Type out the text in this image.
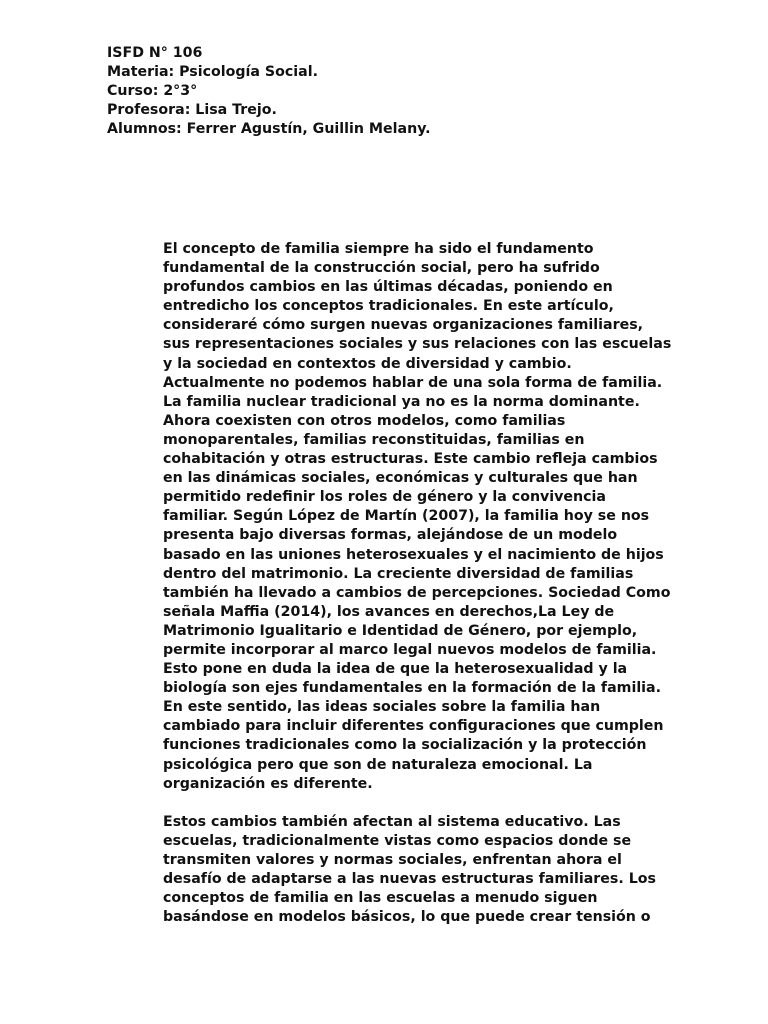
ISFD N° 106
Materia: Psicología Social.
Curso: 2°3°
Profesora: Lisa Trejo.
Alumnos: Ferrer Agustín, Guillin Melany.
El concepto de familia siempre ha sido el fundamento
fundamental de la construcción social, pero ha sufrido
profundos cambios en las últimas décadas, poniendo en
entredicho los conceptos tradicionales. En este artículo,
consideraré cómo surgen nuevas organizaciones familiares,
sus representaciones sociales y sus relaciones con las escuelas
y la sociedad en contextos de diversidad y cambio.
Actualmente no podemos hablar de una sola forma de familia.
La familia nuclear tradicional ya no es la norma dominante.
Ahora coexisten con otros modelos, como familias
monoparentales, familias reconstituidas, familias en
cohabitación y otras estructuras. Este cambio refleja cambios
en las dinámicas sociales, económicas y culturales que han
permitido redefinir los roles de género y la convivencia
familiar. Según López de Martín (2007), la familia hoy se nos
presenta bajo diversas formas, alejándose de un modelo
basado en las uniones heterosexuales y el nacimiento de hijos
dentro del matrimonio. La creciente diversidad de familias
también ha llevado a cambios de percepciones. Sociedad Como
señala Maffia (2014), los avances en derechos,La Ley de
Matrimonio Igualitario e Identidad de Género, por ejemplo,
permite incorporar al marco legal nuevos modelos de familia.
Esto pone en duda la idea de que la heterosexualidad y la
biología son ejes fundamentales en la formación de la familia.
En este sentido, las ideas sociales sobre la familia han
cambiado para incluir diferentes configuraciones que cumplen
funciones tradicionales como la socialización y la protección
psicológica pero que son de naturaleza emocional. La
organización es diferente.
Estos cambios también afectan al sistema educativo. Las
escuelas, tradicionalmente vistas como espacios donde se
transmiten valores y normas sociales, enfrentan ahora el
desafío de adaptarse a las nuevas estructuras familiares. Los
conceptos de familia en las escuelas a menudo siguen
basándose en modelos básicos, lo que puede crear tensión o
